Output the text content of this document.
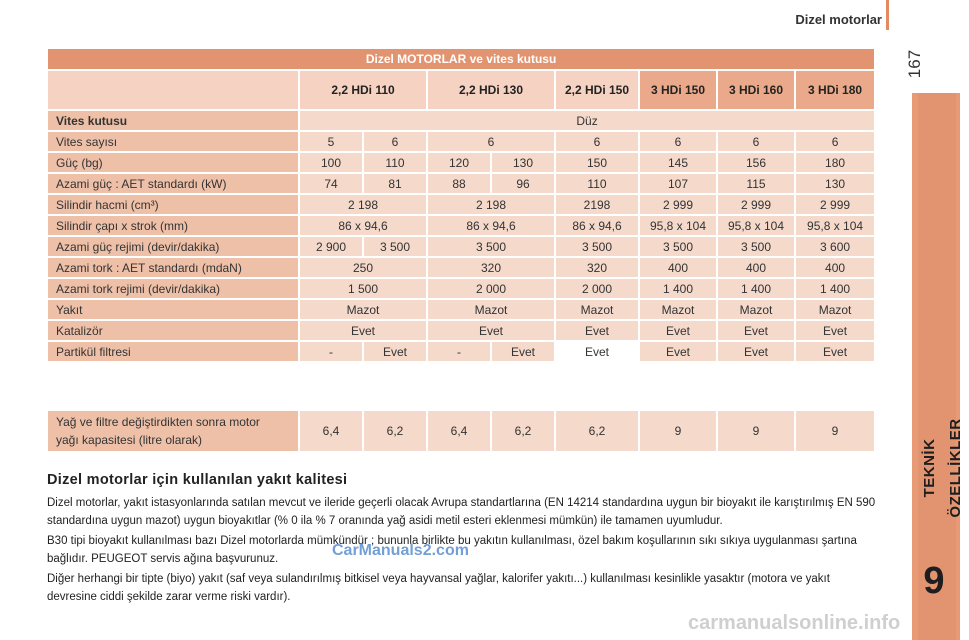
Dizel motorlar
167
TEKNİK ÖZELLİKLER
9
Dizel MOTORLAR ve vites kutusu								
	2,2 HDi 110		2,2 HDi 130		2,2 HDi 150	3 HDi 150	3 HDi 160	3 HDi 180
Vites kutusu	Düz							
Vites sayısı	5	6	6		6	6	6	6
Güç (bg)	100	110	120	130	150	145	156	180
Azami güç : AET standardı (kW)	74	81	88	96	110	107	115	130
Silindir hacmi (cm³)	2 198		2 198		2198	2 999	2 999	2 999
Silindir çapı x strok (mm)	86 x 94,6		86 x 94,6		86 x 94,6	95,8 x 104	95,8 x 104	95,8 x 104
Azami güç rejimi (devir/dakika)	2 900	3 500	3 500		3 500	3 500	3 500	3 600
Azami tork : AET standardı (mdaN)	250		320		320	400	400	400
Azami tork rejimi (devir/dakika)	1 500		2 000		2 000	1 400	1 400	1 400
Yakıt	Mazot		Mazot		Mazot	Mazot	Mazot	Mazot
Katalizör	Evet		Evet		Evet	Evet	Evet	Evet
Partikül filtresi	-	Evet	-	Evet	Evet	Evet	Evet	Evet
Yağ ve filtre değiştirdikten sonra motor
yağı kapasitesi (litre olarak)	6,4	6,2	6,4	6,2	6,2	9	9	9
Dizel motorlar için kullanılan yakıt kalitesi
Dizel motorlar, yakıt istasyonlarında satılan mevcut ve ileride geçerli olacak Avrupa standartlarına (EN 14214 standardına uygun bir bioyakıt ile karıştırılmış EN 590 standardına uygun mazot) uygun bioyakıtlar (% 0 ila % 7 oranında yağ asidi metil esteri eklenmesi mümkün) ile tamamen uyumludur.
B30 tipi bioyakıt kullanılması bazı Dizel motorlarda mümkündür ; bununla birlikte bu yakıtın kullanılması, özel bakım koşullarının sıkı sıkıya uygulanması şartına bağlıdır. PEUGEOT servis ağına başvurunuz.
Diğer herhangi bir tipte (biyo) yakıt (saf veya sulandırılmış bitkisel veya hayvansal yağlar, kalorifer yakıtı...) kullanılması kesinlikle yasaktır (motora ve yakıt devresine ciddi şekilde zarar verme riski vardır).
CarManuals2.com
carmanualsonline.info
